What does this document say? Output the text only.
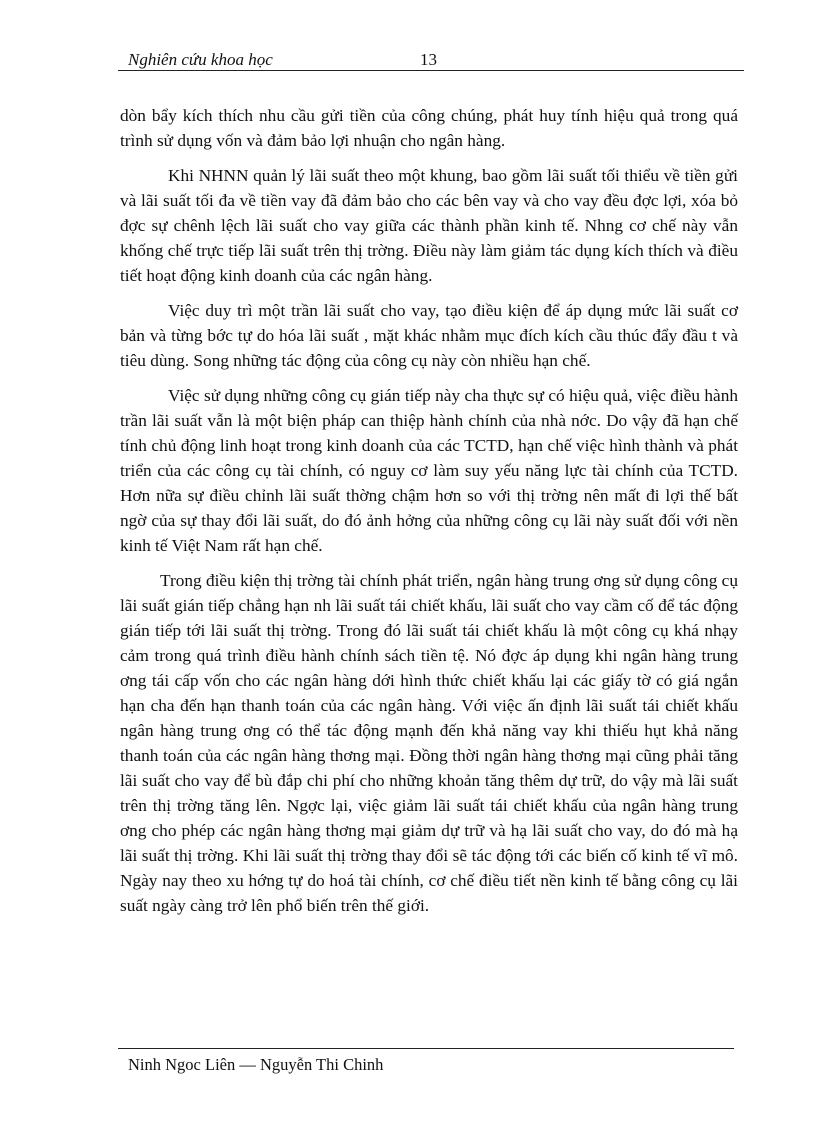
Nghiên cứu khoa học	13

dòn bẩy kích thích nhu cầu gửi tiền của công chúng, phát huy tính hiệu quả trong quá trình sử dụng vốn và đảm bảo lợi nhuận cho ngân hàng.

Khi NHNN quản lý lãi suất theo một khung, bao gồm lãi suất tối thiểu về tiền gửi và lãi suất tối đa về tiền vay đã đảm bảo cho các bên vay và cho vay đều đợc lợi, xóa bỏ đợc sự chênh lệch lãi suất cho vay giữa các thành phần kinh tế. Nhng cơ chế này vẫn khống chế trực tiếp lãi suất trên thị trờng. Điều này làm giảm tác dụng kích thích và điều tiết hoạt động kinh doanh của các ngân hàng.

Việc duy trì một trần lãi suất cho vay, tạo điều kiện để áp dụng mức lãi suất cơ bản và từng bớc tự do hóa lãi suất , mặt khác nhằm mục đích kích cầu thúc đẩy đầu t và tiêu dùng. Song những tác động của công cụ này còn nhiều hạn chế.

Việc sử dụng những công cụ gián tiếp này cha thực sự có hiệu quả, việc điều hành trần lãi suất vẫn là một biện pháp can thiệp hành chính của nhà nớc. Do vậy đã hạn chế tính chủ động linh hoạt trong kinh doanh của các TCTD, hạn chế việc hình thành và phát triển của các công cụ tài chính, có nguy cơ làm suy yếu năng lực tài chính của TCTD. Hơn nữa sự điều chỉnh lãi suất thờng chậm hơn so với thị trờng nên mất đi lợi thế bất ngờ của sự thay đổi lãi suất, do đó ảnh hởng của những công cụ lãi này suất đối với nền kinh tế Việt Nam rất hạn chế.

Trong điều kiện thị trờng tài chính phát triển, ngân hàng trung ơng sử dụng công cụ lãi suất gián tiếp chẳng hạn nh lãi suất tái chiết khấu, lãi suất cho vay cầm cố để tác động gián tiếp tới lãi suất thị trờng. Trong đó lãi suất tái chiết khấu là một công cụ khá nhạy cảm trong quá trình điều hành chính sách tiền tệ. Nó đợc áp dụng khi ngân hàng trung ơng tái cấp vốn cho các ngân hàng dới hình thức chiết khấu lại các giấy tờ có giá ngắn hạn cha đến hạn thanh toán của các ngân hàng. Với việc ấn định lãi suất tái chiết khấu ngân hàng trung ơng có thể tác động mạnh đến khả năng vay khi thiếu hụt khả năng thanh toán của các ngân hàng thơng mại. Đồng thời ngân hàng thơng mại cũng phải tăng lãi suất cho vay để bù đắp chi phí cho những khoản tăng thêm dự trữ, do vậy mà lãi suất trên thị trờng tăng lên. Ngợc lại, việc giảm lãi suất tái chiết khấu của ngân hàng trung ơng cho phép các ngân hàng thơng mại giảm dự trữ và hạ lãi suất cho vay, do đó mà hạ lãi suất thị trờng. Khi lãi suất thị trờng thay đổi sẽ tác động tới các biến cố kinh tế vĩ mô. Ngày nay theo xu hớng tự do hoá tài chính, cơ chế điều tiết nền kinh tế bằng công cụ lãi suất ngày càng trở lên phổ biến trên thế giới.

Ninh Ngoc Liên — Nguyễn Thi Chinh
